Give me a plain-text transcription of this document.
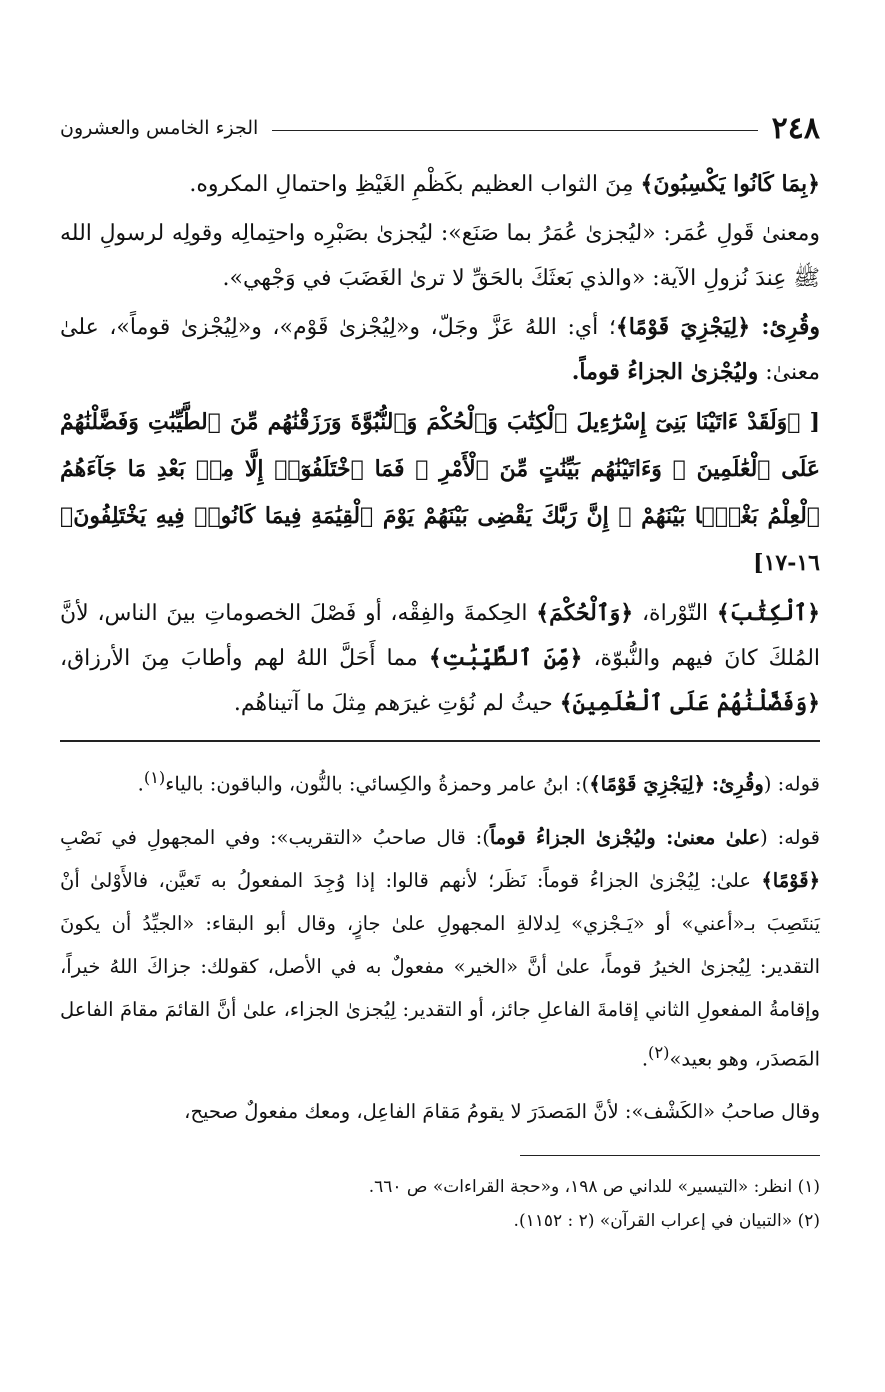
٢٤٨
الجزء الخامس والعشرون

﴿بِمَا كَانُوا يَكْسِبُونَ﴾ مِنَ الثواب العظيم بكَظْمِ الغَيْظِ واحتمالِ المكروه.

ومعنىٰ قَولِ عُمَر: «ليُجزىٰ عُمَرُ بما صَنَع»: ليُجزىٰ بصَبْرِه واحتِمالِه وقولِه لرسولِ الله ﷺ عِندَ نُزولِ الآية: «والذي بَعثَكَ بالحَقِّ لا ترىٰ الغَضَبَ في وَجْهي».

وقُرِئ: ﴿لِيَجْزِيَ قَوْمًا﴾؛ أي: اللهُ عَزَّ وجَلّ، و«لِيُجْزىٰ قَوْم»، و«لِيُجْزىٰ قوماً»، علىٰ معنىٰ: وليُجْزىٰ الجزاءُ قوماً.

[ ﴿وَلَقَدْ ءَاتَيْنَا بَنِىٓ إِسْرَٰٓءِيلَ ٱلْكِتَٰبَ وَٱلْحُكْمَ وَٱلنُّبُوَّةَ وَرَزَقْنَٰهُم مِّنَ ٱلطَّيِّبَٰتِ وَفَضَّلْنَٰهُمْ عَلَى ٱلْعَٰلَمِينَ ۞ وَءَاتَيْنَٰهُم بَيِّنَٰتٍ مِّنَ ٱلْأَمْرِ ۖ فَمَا ٱخْتَلَفُوٓا۟ إِلَّا مِنۢ بَعْدِ مَا جَآءَهُمُ ٱلْعِلْمُ بَغْيًۢا بَيْنَهُمْ ۚ إِنَّ رَبَّكَ يَقْضِى بَيْنَهُمْ يَوْمَ ٱلْقِيَٰمَةِ فِيمَا كَانُوا۟ فِيهِ يَخْتَلِفُونَ﴾ ١٦-١٧]

﴿ٱلْكِتَٰبَ﴾ التّوْراة، ﴿وَٱلْحُكْمَ﴾ الحِكمةَ والفِقْه، أو فَصْلَ الخصوماتِ بينَ الناس، لأنَّ المُلكَ كانَ فيهم والنُّبوّة، ﴿مِّنَ ٱلطَّيِّبَٰتِ﴾ مما أَحَلَّ اللهُ لهم وأطابَ مِنَ الأرزاق، ﴿وَفَضَّلْنَٰهُمْ عَلَى ٱلْعَٰلَمِينَ﴾ حيثُ لم نُؤتِ غيرَهم مِثلَ ما آتيناهُم.

قوله: (وقُرِئ: ﴿لِيَجْزِيَ قَوْمًا﴾): ابنُ عامر وحمزةُ والكِسائي: بالنُّون، والباقون: بالياء$^{(١)}$.

قوله: (علىٰ معنىٰ: وليُجْزىٰ الجزاءُ قوماً): قال صاحبُ «التقريب»: وفي المجهولِ في نَصْبِ ﴿قَوْمًا﴾ علىٰ: لِيُجْزىٰ الجزاءُ قوماً: نَظَر؛ لأنهم قالوا: إذا وُجِدَ المفعولُ به تَعيَّن، فالأَوْلىٰ أنْ يَنتَصِبَ بـ«أعني» أو «يَـجْزي» لِدلالةِ المجهولِ علىٰ جازٍ، وقال أبو البقاء: «الجيِّدُ أن يكونَ التقدير: لِيُجزىٰ الخيرُ قوماً، علىٰ أنَّ «الخير» مفعولٌ به في الأصل، كقولك: جزاكَ اللهُ خيراً، وإقامةُ المفعولِ الثاني إقامةَ الفاعلِ جائز، أو التقدير: لِيُجزىٰ الجزاء، علىٰ أنَّ القائمَ مقامَ الفاعل المَصدَر، وهو بعيد»$^{(٢)}$.

وقال صاحبُ «الكَشْف»: لأنَّ المَصدَرَ لا يقومُ مَقامَ الفاعِل، ومعك مفعولٌ صحيح،

(١) انظر: «التيسير» للداني ص ١٩٨، و«حجة القراءات» ص ٦٦٠.

(٢) «التبيان في إعراب القرآن» (٢ : ١١٥٢).
